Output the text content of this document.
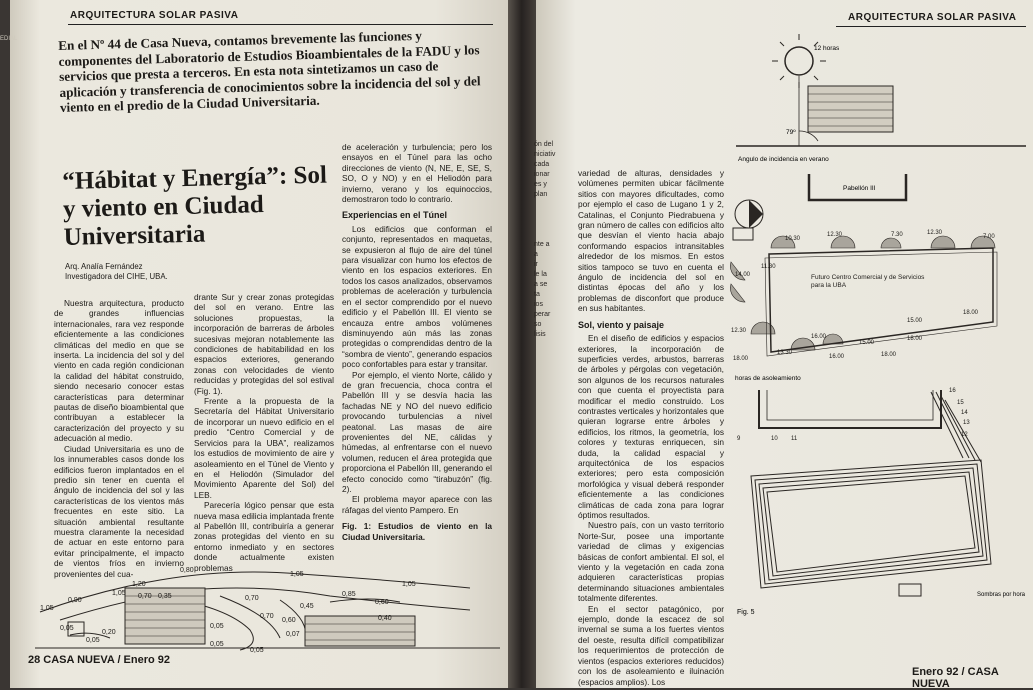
ARQUITECTURA SOLAR PASIVA
En el Nº 44 de Casa Nueva, contamos brevemente las funciones y componentes del Laboratorio de Estudios Bioambientales de la FADU y los servicios que presta a terceros. En esta nota sintetizamos un caso de aplicación y transferencia de conocimientos sobre la incidencia del sol y del viento en el predio de la Ciudad Universitaria.
“Hábitat y Energía”: Sol y viento en Ciudad Universitaria
Arq. Analía Fernández
Investigadora del CIHE, UBA.

Nuestra arquitectura, producto de grandes influencias internacionales, rara vez responde eficientemente a las condiciones climáticas del medio en que se inserta. La incidencia del sol y del viento en cada región condicionan la calidad del hábitat construido, siendo necesario conocer estas características para determinar pautas de diseño bioambiental que contribuyan a establecer la caracterización del proyecto y su adecuación al medio.

Ciudad Universitaria es uno de los innumerables casos donde los edificios fueron implantados en el predio sin tener en cuenta el ángulo de incidencia del sol y las características de los vientos más frecuentes en este sitio. La situación ambiental resultante muestra claramente la necesidad de actuar en este entorno para evitar principalmente, el impacto de vientos fríos en invierno provenientes del cua-

drante Sur y crear zonas protegidas del sol en verano. Entre las soluciones propuestas, la incorporación de barreras de árboles sucesivas mejoran notablemente las condiciones de habitabilidad en los espacios exteriores, generando zonas con velocidades de viento reducidas y protegidas del sol estival (Fig. 1).

Frente a la propuesta de la Secretaría del Hábitat Universitario de incorporar un nuevo edificio en el predio “Centro Comercial y de Servicios para la UBA”, realizamos los estudios de movimiento de aire y asoleamiento en el Túnel de Viento y en el Heliodón (Simulador del Movimiento Aparente del Sol) del LEB.

Parecería lógico pensar que esta nueva masa edilicia implantada frente al Pabellón III, contribuiría a generar zonas protegidas del viento en su entorno inmediato y en sectores donde actualmente existen problemas

de aceleración y turbulencia; pero los ensayos en el Túnel para las ocho direcciones de viento (N, NE, E, SE, S, SO, O y NO) y en el Heliodón para invierno, verano y los equinoccios, demostraron todo lo contrario.

Experiencias en el Túnel

Los edificios que conforman el conjunto, representados en maquetas, se expusieron al flujo de aire del túnel para visualizar con humo los efectos de viento en los espacios exteriores. En todos los casos analizados, observamos problemas de aceleración y turbulencia en el sector comprendido por el nuevo edificio y el Pabellón III. El viento se encauza entre ambos volúmenes disminuyendo aún más las zonas protegidas o comprendidas dentro de la “sombra de viento”, generando espacios poco confortables para estar y transitar.

Por ejemplo, el viento Norte, cálido y de gran frecuencia, choca contra el Pabellón III y se desvía hacia las fachadas NE y NO del nuevo edificio provocando turbulencias a nivel peatonal. Las masas de aire provenientes del NE, cálidas y húmedas, al enfrentarse con el nuevo volumen, reducen el área protegida que proporciona el Pabellón III, generando el efecto conocido como “tirabuzón” (fig. 2).

El problema mayor aparece con las ráfagas del viento Pampero. En

Fig. 1: Estudios de viento en la Ciudad Universitaria.

1,05
0,90
1,05
1,20
0,80
0,70 0,35
0,05
0,20
0,05
0,70
0,70
0,45
0,85
0,60
0,40
1,05
1,05
0,05
0,05
0,07
0,60
0,05
28 CASA NUEVA / Enero 92
EDIAL
ARQUITECTURA SOLAR PASIVA
ón del
niciativ
cada
ionar
es y
plan
nte a
a
ir
le la
a se
ta
ios
perar
so
lisis

variedad de alturas, densidades y volúmenes permiten ubicar fácilmente sitios con mayores dificultades, como por ejemplo el caso de Lugano 1 y 2, Catalinas, el Conjunto Piedrabuena y gran número de calles con edificios alto que desvían el viento hacia abajo conformando espacios intransitables alrededor de los mismos. En estos sitios tampoco se tuvo en cuenta el ángulo de incidencia del sol en distintas épocas del año y los problemas de disconfort que produce en sus habitantes.

Sol, viento y paisaje

En el diseño de edificios y espacios exteriores, la incorporación de superficies verdes, arbustos, barreras de árboles y pérgolas con vegetación, son algunos de los recursos naturales con que cuenta el proyectista para modificar el medio construido. Los contrastes verticales y horizontales que quieran lograrse entre árboles y edificios, los ritmos, la geometría, los colores y texturas enriquecen, sin duda, la calidad espacial y arquitectónica de los espacios exteriores; pero esta composición morfológica y visual deberá responder eficientemente a las condiciones climáticas de cada zona para lograr óptimos resultados.

Nuestro país, con un vasto territorio Norte-Sur, posee una importante variedad de climas y exigencias básicas de confort ambiental. El sol, el viento y la vegetación en cada zona adquieren características propias determinando situaciones ambientales totalmente diferentes.

En el sector patagónico, por ejemplo, donde la escacez de sol invernal se suma a los fuertes vientos del oeste, resulta difícil compatibilizar los requerimientos de protección de vientos (espacios exteriores reducidos) con los de asoleamiento e iluinación (espacios amplios). Los

12 horas
79º
Angulo de incidencia en verano
Pabellón III
Futuro Centro Comercial y de Servicios para la UBA
10.30
12.30	7.30	12.30
7.00
14.00
11.30
15.00
18.00
12.30
16.00
15.00
18.00
13.30
16.00
18.00
18.00
horas de asoleamiento
16
15
14
13
12
9	10 11
Fig. 5
Sombras por hora
Enero 92 / CASA NUEVA
